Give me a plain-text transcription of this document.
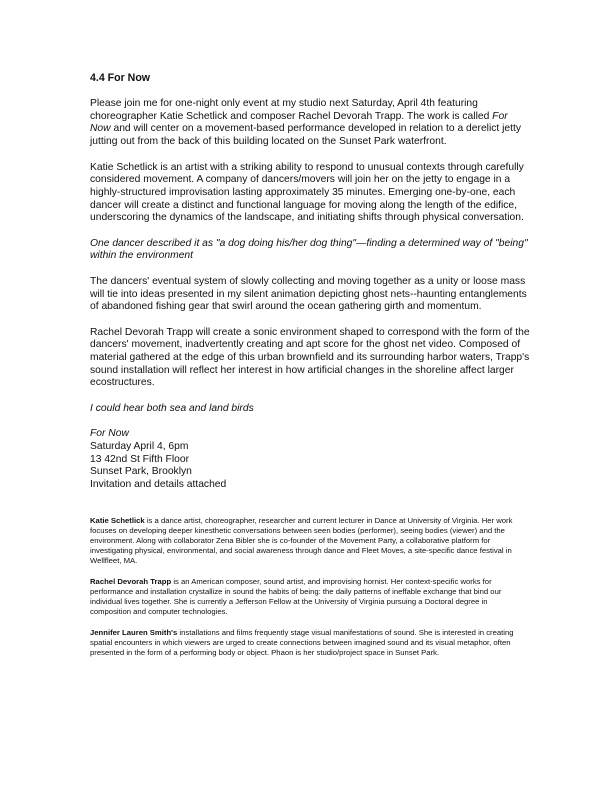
4.4 For Now

Please join me for one-night only event at my studio next Saturday, April 4th featuring choreographer Katie Schetlick and composer Rachel Devorah Trapp. The work is called For Now and will center on a movement-based performance developed in relation to a derelict jetty jutting out from the back of this building located on the Sunset Park waterfront.

Katie Schetlick is an artist with a striking ability to respond to unusual contexts through carefully considered movement. A company of dancers/movers will join her on the jetty to engage in a highly-structured improvisation lasting approximately 35 minutes. Emerging one-by-one, each dancer will create a distinct and functional language for moving along the length of the edifice, underscoring the dynamics of the landscape, and initiating shifts through physical conversation.

One dancer described it as "a dog doing his/her dog thing"—finding a determined way of "being" within the environment

The dancers' eventual system of slowly collecting and moving together as a unity or loose mass will tie into ideas presented in my silent animation depicting ghost nets--haunting entanglements of abandoned fishing gear that swirl around the ocean gathering girth and momentum.

Rachel Devorah Trapp will create a sonic environment shaped to correspond with the form of the dancers' movement, inadvertently creating and apt score for the ghost net video. Composed of material gathered at the edge of this urban brownfield and its surrounding harbor waters, Trapp's sound installation will reflect her interest in how artificial changes in the shoreline affect larger ecostructures.

I could hear both sea and land birds

For Now
Saturday April 4, 6pm
13 42nd St Fifth Floor
Sunset Park, Brooklyn
Invitation and details attached

Katie Schetlick is a dance artist, choreographer, researcher and current lecturer in Dance at University of Virginia. Her work focuses on developing deeper kinesthetic conversations between seen bodies (performer), seeing bodies (viewer) and the environment. Along with collaborator Zena Bibler she is co-founder of the Movement Party, a collaborative platform for investigating physical, environmental, and social awareness through dance and Fleet Moves, a site-specific dance festival in Wellfleet, MA.

Rachel Devorah Trapp is an American composer, sound artist, and improvising hornist. Her context-specific works for performance and installation crystallize in sound the habits of being: the daily patterns of ineffable exchange that bind our individual lives together. She is currently a Jefferson Fellow at the University of Virginia pursuing a Doctoral degree in composition and computer technologies.

Jennifer Lauren Smith's installations and films frequently stage visual manifestations of sound. She is interested in creating spatial encounters in which viewers are urged to create connections between imagined sound and its visual metaphor, often presented in the form of a performing body or object. Phaon is her studio/project space in Sunset Park.
